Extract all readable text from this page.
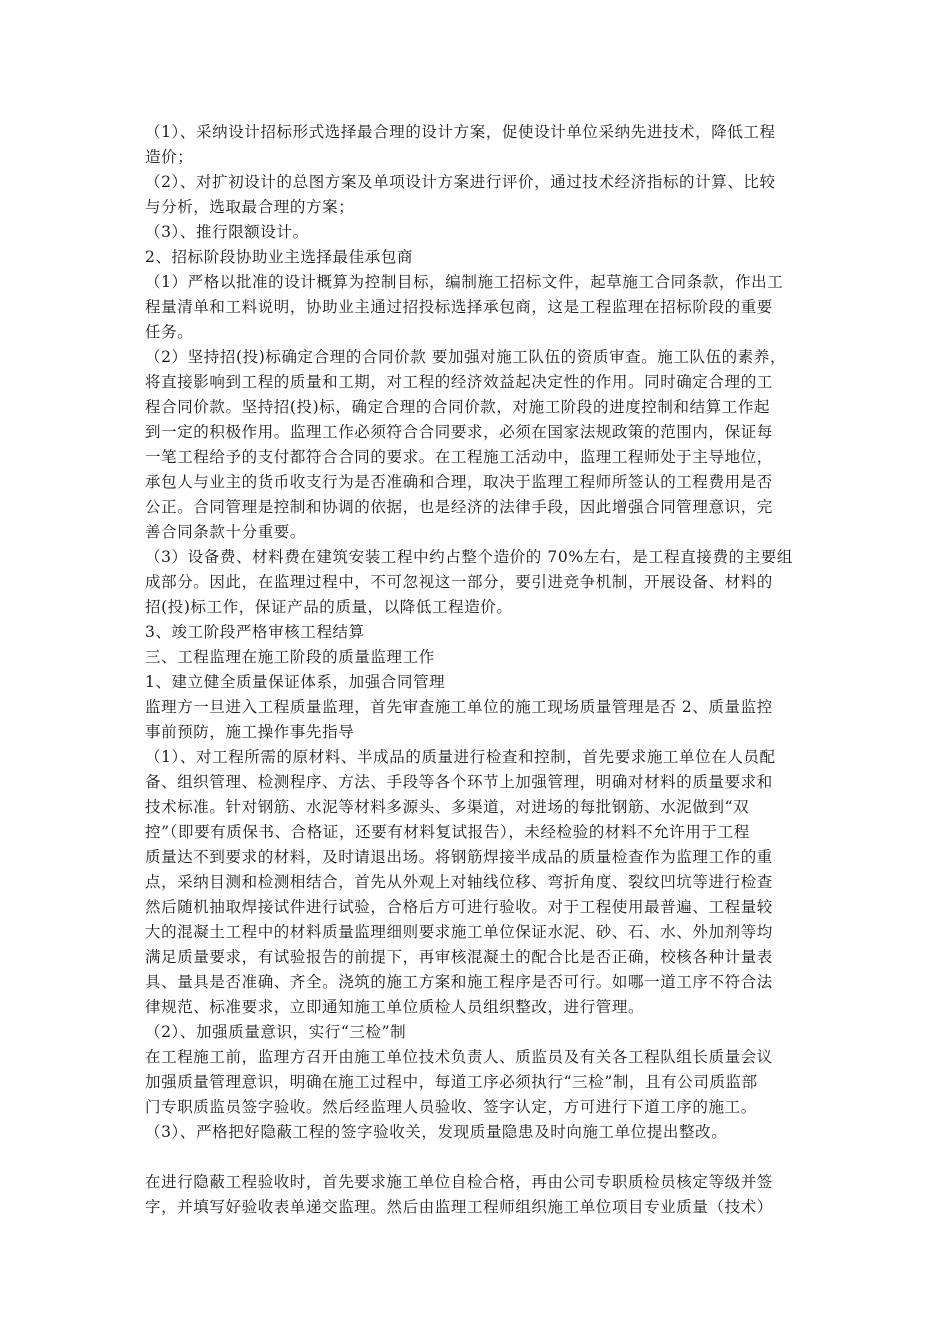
（1）、采纳设计招标形式选择最合理的设计方案，促使设计单位采纳先进技术，降低工程
造价；
（2）、对扩初设计的总图方案及单项设计方案进行评价，通过技术经济指标的计算、比较
与分析，选取最合理的方案；
（3）、推行限额设计。
2、招标阶段协助业主选择最佳承包商
（1）严格以批准的设计概算为控制目标，编制施工招标文件，起草施工合同条款，作出工
程量清单和工料说明，协助业主通过招投标选择承包商，这是工程监理在招标阶段的重要
任务。
（2）坚持招(投)标确定合理的合同价款 要加强对施工队伍的资质审查。施工队伍的素养，
将直接影响到工程的质量和工期，对工程的经济效益起决定性的作用。同时确定合理的工
程合同价款。坚持招(投)标，确定合理的合同价款，对施工阶段的进度控制和结算工作起
到一定的积极作用。监理工作必须符合合同要求，必须在国家法规政策的范围内，保证每
一笔工程给予的支付都符合合同的要求。在工程施工活动中，监理工程师处于主导地位，
承包人与业主的货币收支行为是否准确和合理，取决于监理工程师所签认的工程费用是否
公正。合同管理是控制和协调的依据，也是经济的法律手段，因此增强合同管理意识，完
善合同条款十分重要。
（3）设备费、材料费在建筑安装工程中约占整个造价的 70%左右，是工程直接费的主要组
成部分。因此，在监理过程中，不可忽视这一部分，要引进竞争机制，开展设备、材料的
招(投)标工作，保证产品的质量，以降低工程造价。
3、竣工阶段严格审核工程结算
三、工程监理在施工阶段的质量监理工作
1、建立健全质量保证体系，加强合同管理
监理方一旦进入工程质量监理，首先审查施工单位的施工现场质量管理是否 2、质量监控
事前预防，施工操作事先指导
（1）、对工程所需的原材料、半成品的质量进行检查和控制，首先要求施工单位在人员配
备、组织管理、检测程序、方法、手段等各个环节上加强管理，明确对材料的质量要求和
技术标准。针对钢筋、水泥等材料多源头、多渠道，对进场的每批钢筋、水泥做到“双
控”（即要有质保书、合格证，还要有材料复试报告），未经检验的材料不允许用于工程
质量达不到要求的材料，及时请退出场。将钢筋焊接半成品的质量检查作为监理工作的重
点，采纳目测和检测相结合，首先从外观上对轴线位移、弯折角度、裂纹凹坑等进行检查
然后随机抽取焊接试件进行试验，合格后方可进行验收。对于工程使用最普遍、工程量较
大的混凝土工程中的材料质量监理细则要求施工单位保证水泥、砂、石、水、外加剂等均
满足质量要求，有试验报告的前提下，再审核混凝土的配合比是否正确，校核各种计量表
具、量具是否准确、齐全。浇筑的施工方案和施工程序是否可行。如哪一道工序不符合法
律规范、标准要求，立即通知施工单位质检人员组织整改，进行管理。
（2）、加强质量意识，实行“三检”制
在工程施工前，监理方召开由施工单位技术负责人、质监员及有关各工程队组长质量会议
加强质量管理意识，明确在施工过程中，每道工序必须执行“三检”制，且有公司质监部
门专职质监员签字验收。然后经监理人员验收、签字认定，方可进行下道工序的施工。
（3）、严格把好隐蔽工程的签字验收关，发现质量隐患及时向施工单位提出整改。
在进行隐蔽工程验收时，首先要求施工单位自检合格，再由公司专职质检员核定等级并签
字，并填写好验收表单递交监理。然后由监理工程师组织施工单位项目专业质量（技术）
